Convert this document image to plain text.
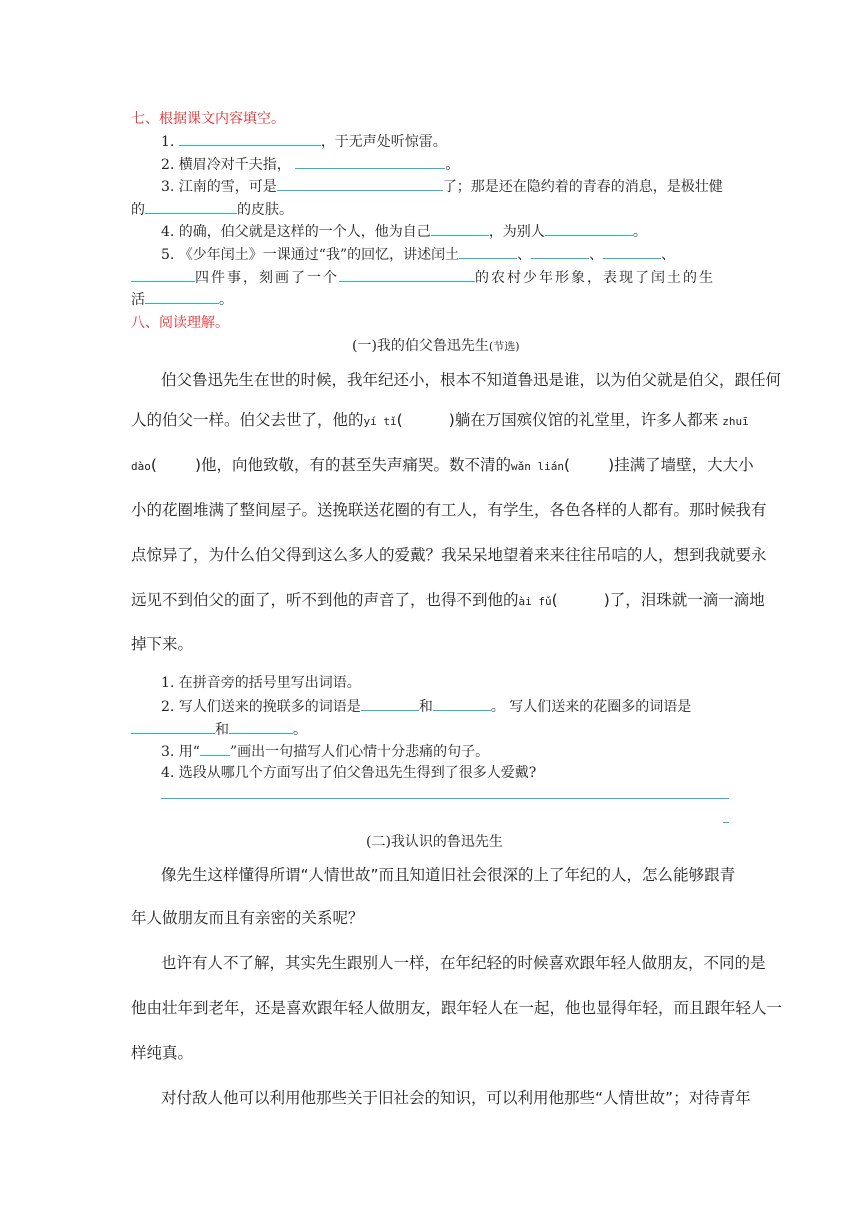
七、根据课文内容填空。
1.	，于无声处听惊雷。
2. 横眉冷对千夫指，	。
3. 江南的雪，可是	了；那是还在隐约着的青春的消息，是极壮健
的	的皮肤。
4. 的确，伯父就是这样的一个人，他为自己	，为别人	。
5. 《少年闰土》一课通过“我”的回忆，讲述闰土	、	、	、
四件事，刻画了一个	的农村少年形象，表现了闰土的生
活	。
八、阅读理解。
(一)我的伯父鲁迅先生(节选)
伯父鲁迅先生在世的时候，我年纪还小，根本不知道鲁迅是谁，以为伯父就是伯父，跟任何
人的伯父一样。伯父去世了，他的yí tǐ(	)躺在万国殡仪馆的礼堂里，许多人都来 zhuī
dào( )他，向他致敬，有的甚至失声痛哭。数不清的wǎn lián( )挂满了墙壁，大大小
小的花圈堆满了整间屋子。送挽联送花圈的有工人，有学生，各色各样的人都有。那时候我有
点惊异了，为什么伯父得到这么多人的爱戴？我呆呆地望着来来往往吊唁的人，想到我就要永
远见不到伯父的面了，听不到他的声音了，也得不到他的ài fǔ(	)了，泪珠就一滴一滴地
掉下来。
1. 在拼音旁的括号里写出词语。
2. 写人们送来的挽联多的词语是	和	。 写人们送来的花圈多的词语是
和	。
3. 用“ ”画出一句描写人们心情十分悲痛的句子。
4. 选段从哪几个方面写出了伯父鲁迅先生得到了很多人爱戴?
(二)我认识的鲁迅先生
像先生这样懂得所谓“人情世故”而且知道旧社会很深的上了年纪的人，怎么能够跟青
年人做朋友而且有亲密的关系呢？
也许有人不了解，其实先生跟别人一样，在年纪轻的时候喜欢跟年轻人做朋友，不同的是
他由壮年到老年，还是喜欢跟年轻人做朋友，跟年轻人在一起，他也显得年轻，而且跟年轻人一
样纯真。
对付敌人他可以利用他那些关于旧社会的知识，可以利用他那些“人情世故”；对待青年
